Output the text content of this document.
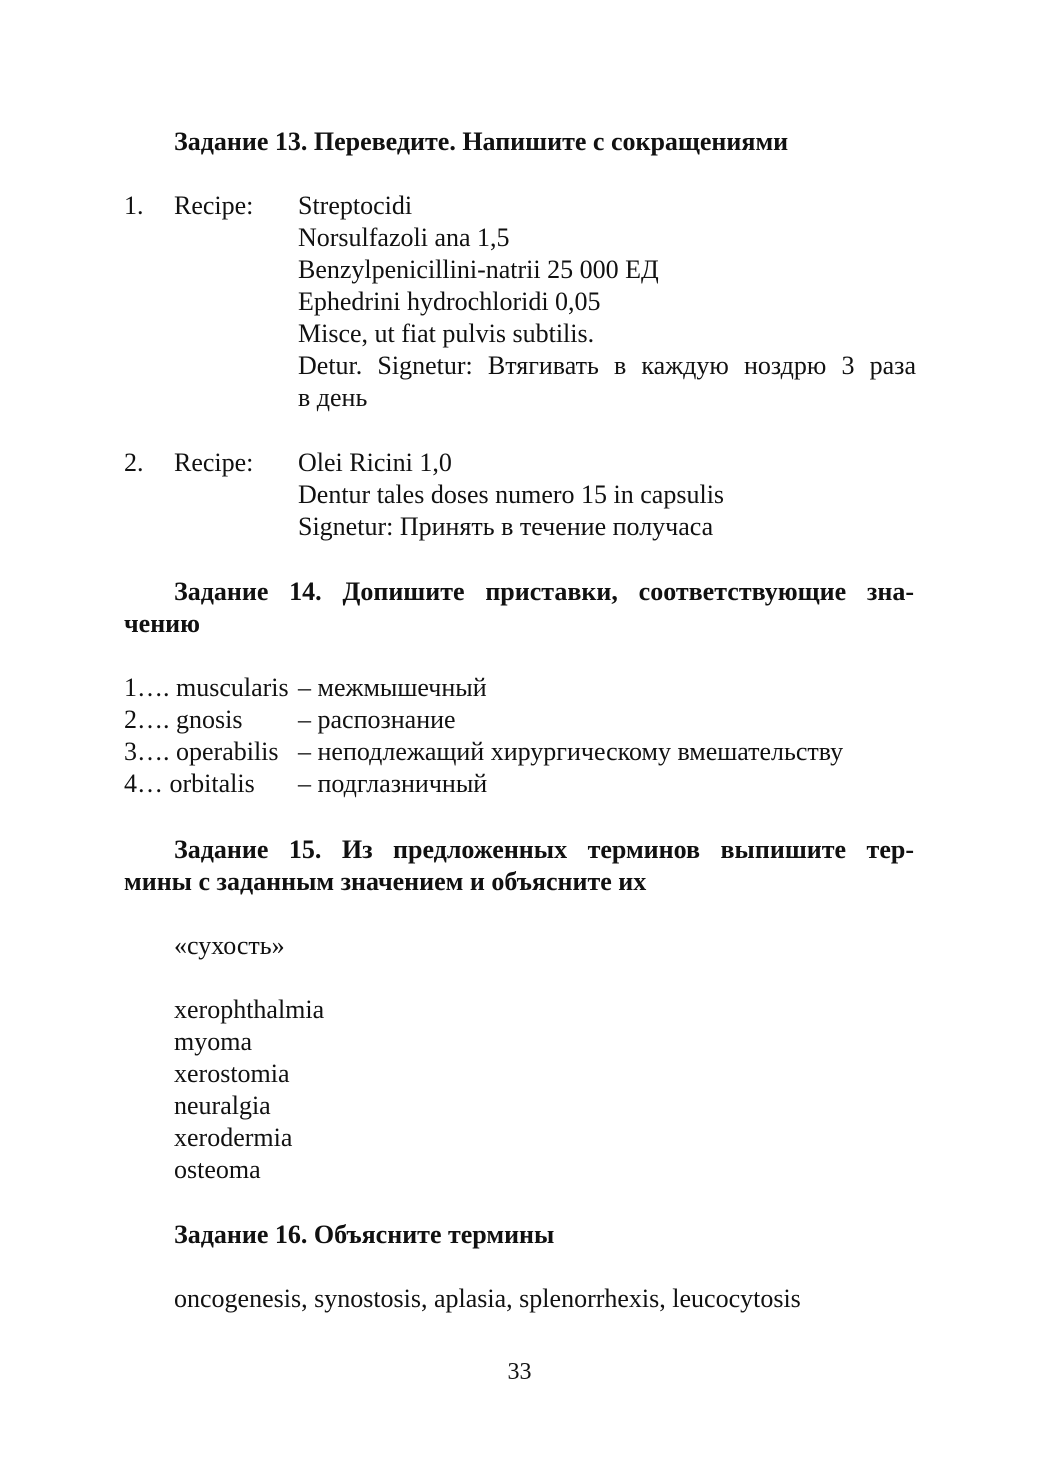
Задание 13. Переведите. Напишите с сокращениями
1. Recipe: Streptocidi
Norsulfazoli ana 1,5
Benzylpenicillini-natrii 25 000 ЕД
Ephedrini hydrochloridi 0,05
Misce, ut fiat pulvis subtilis.
Detur. Signetur: Втягивать в каждую ноздрю 3 раза
в день
2. Recipe: Olei Ricini 1,0
Dentur tales doses numero 15 in capsulis
Signetur: Принять в течение получаса
Задание 14. Допишите приставки, соответствующие зна-
чению
1…. muscularis – межмышечный
2…. gnosis – распознание
3…. operabilis – неподлежащий хирургическому вмешательству
4… orbitalis – подглазничный
Задание 15. Из предложенных терминов выпишите тер-
мины с заданным значением и объясните их
«сухость»
xerophthalmia
myoma
xerostomia
neuralgia
xerodermia
osteoma
Задание 16. Объясните термины
oncogenesis, synostosis, aplasia, splenorrhexis, leucocytosis
33
